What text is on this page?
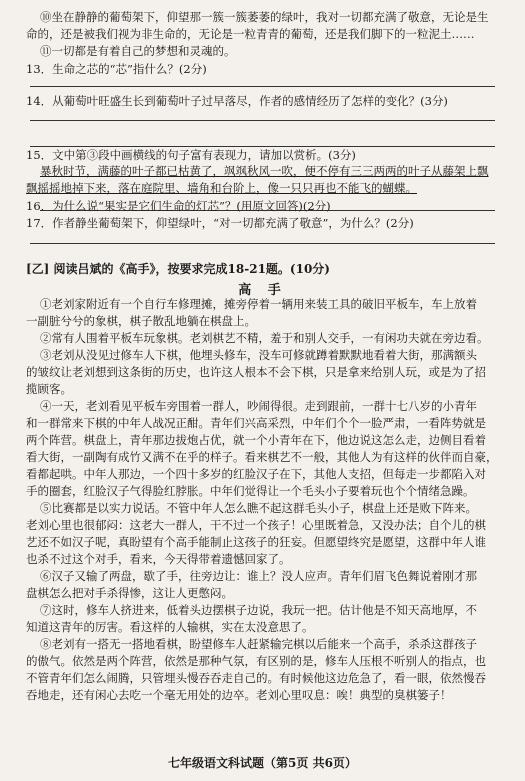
⑩坐在静静的葡萄架下，仰望那一簇一簇萎萎的绿叶，我对一切都充满了敬意，无论是生
命的，还是被我们视为非生命的，无论是一粒青青的葡萄，还是我们脚下的一粒泥土……
⑪一切都是有着自己的梦想和灵魂的。
13．生命之芯的“芯”指什么？(2分)
14．从葡萄叶旺盛生长到葡萄叶子过早落尽，作者的感情经历了怎样的变化？(3分)
15．文中第③段中画横线的句子富有表现力，请加以赏析。(3分)
暴秋时节，满藤的叶子都已枯黄了，飒飒秋风一吹，便不停有三三两两的叶子从藤架上飘
飘摇摇地掉下来，落在庭院里、墙角和台阶上，像一只只再也不能飞的蝴蝶。
16．为什么说“果实是它们生命的灯芯”？(用原文回答)(2分)
17．作者静坐葡萄架下，仰望绿叶，“对一切都充满了敬意”，为什么？(2分)
[乙] 阅读吕斌的《高手》，按要求完成18-21题。(10分)
高 手
①老刘家附近有一个自行车修理摊，摊旁停着一辆用来装工具的破旧平板车，车上放着
一副脏兮兮的象棋，棋子散乱地躺在棋盘上。
②常有人围着平板车玩象棋。老刘棋艺不精，羞于和别人交手，一有闲功夫就在旁边看。
③老刘从没见过修车人下棋，他埋头修车，没车可修就蹲着默默地看着大街，那满额头
的皱纹让老刘想到这条街的历史，也许这人根本不会下棋，只是拿来给别人玩，或是为了招
揽顾客。
④一天，老刘看见平板车旁围着一群人，吵闹得很。走到跟前，一群十七八岁的小青年
和一群常来下棋的中年人战况正酣。青年们兴高采烈，中年们个个一脸严肃，一看阵势就是
两个阵营。棋盘上，青年那边拔炮占优，就一个小青年在下，他边说这怎么走，边侧目看着
看大街，一副陶有成竹又满不在乎的样子。看来棋艺不一般，其他人为有这样的伙伴而自豪，
看都起哄。中年人那边，一个四十多岁的红脸汉子在下，其他人支招，但每走一步都陷入对
手的圈套，红脸汉子气得脸红脖胀。中年们觉得让一个毛头小子要着玩也个个情绪急躁。
⑤比赛都是以实力说话。不管中年人怎么瞧不起这群毛头小子，棋盘上还是败下阵来。
老刘心里也很郁闷：这老大一群人，干不过一个孩子！心里既着急，又没办法；自个儿的棋
艺还不如汉子呢，真盼望有个高手能制止这孩子的狂妄。但愿望终究是愿望，这群中年人谁
也杀不过这个对手，看来，今天得带着遗憾回家了。
⑥汉子又输了两盘，歇了手，往旁边让：谁上？没人应声。青年们眉飞色舞说着刚才那
盘棋怎么把对手杀得惨，这让人更憋闷。
⑦这时，修车人挤进来，低着头边摆棋子边说，我玩一把。估计他是不知天高地厚，不
知道这青年的厉害。看这样的人输棋，实在太没意思了。
⑧老刘有一搭无一搭地看棋，盼望修车人赶紧输完棋以后能来一个高手，杀杀这群孩子
的傲气。依然是两个阵营，依然是那种气氛，有区别的是，修车人压根不听别人的指点，也
不管青年们怎么闹腾，只管埋头慢吞吞走自己的。有时候他这边危急了，看一眼，依然慢吞
吞地走，还有闲心去吃一个毫无用处的边卒。老刘心里叹息：唉！典型的臭棋篓子！
七年级语文科试题（第5页 共6页）
